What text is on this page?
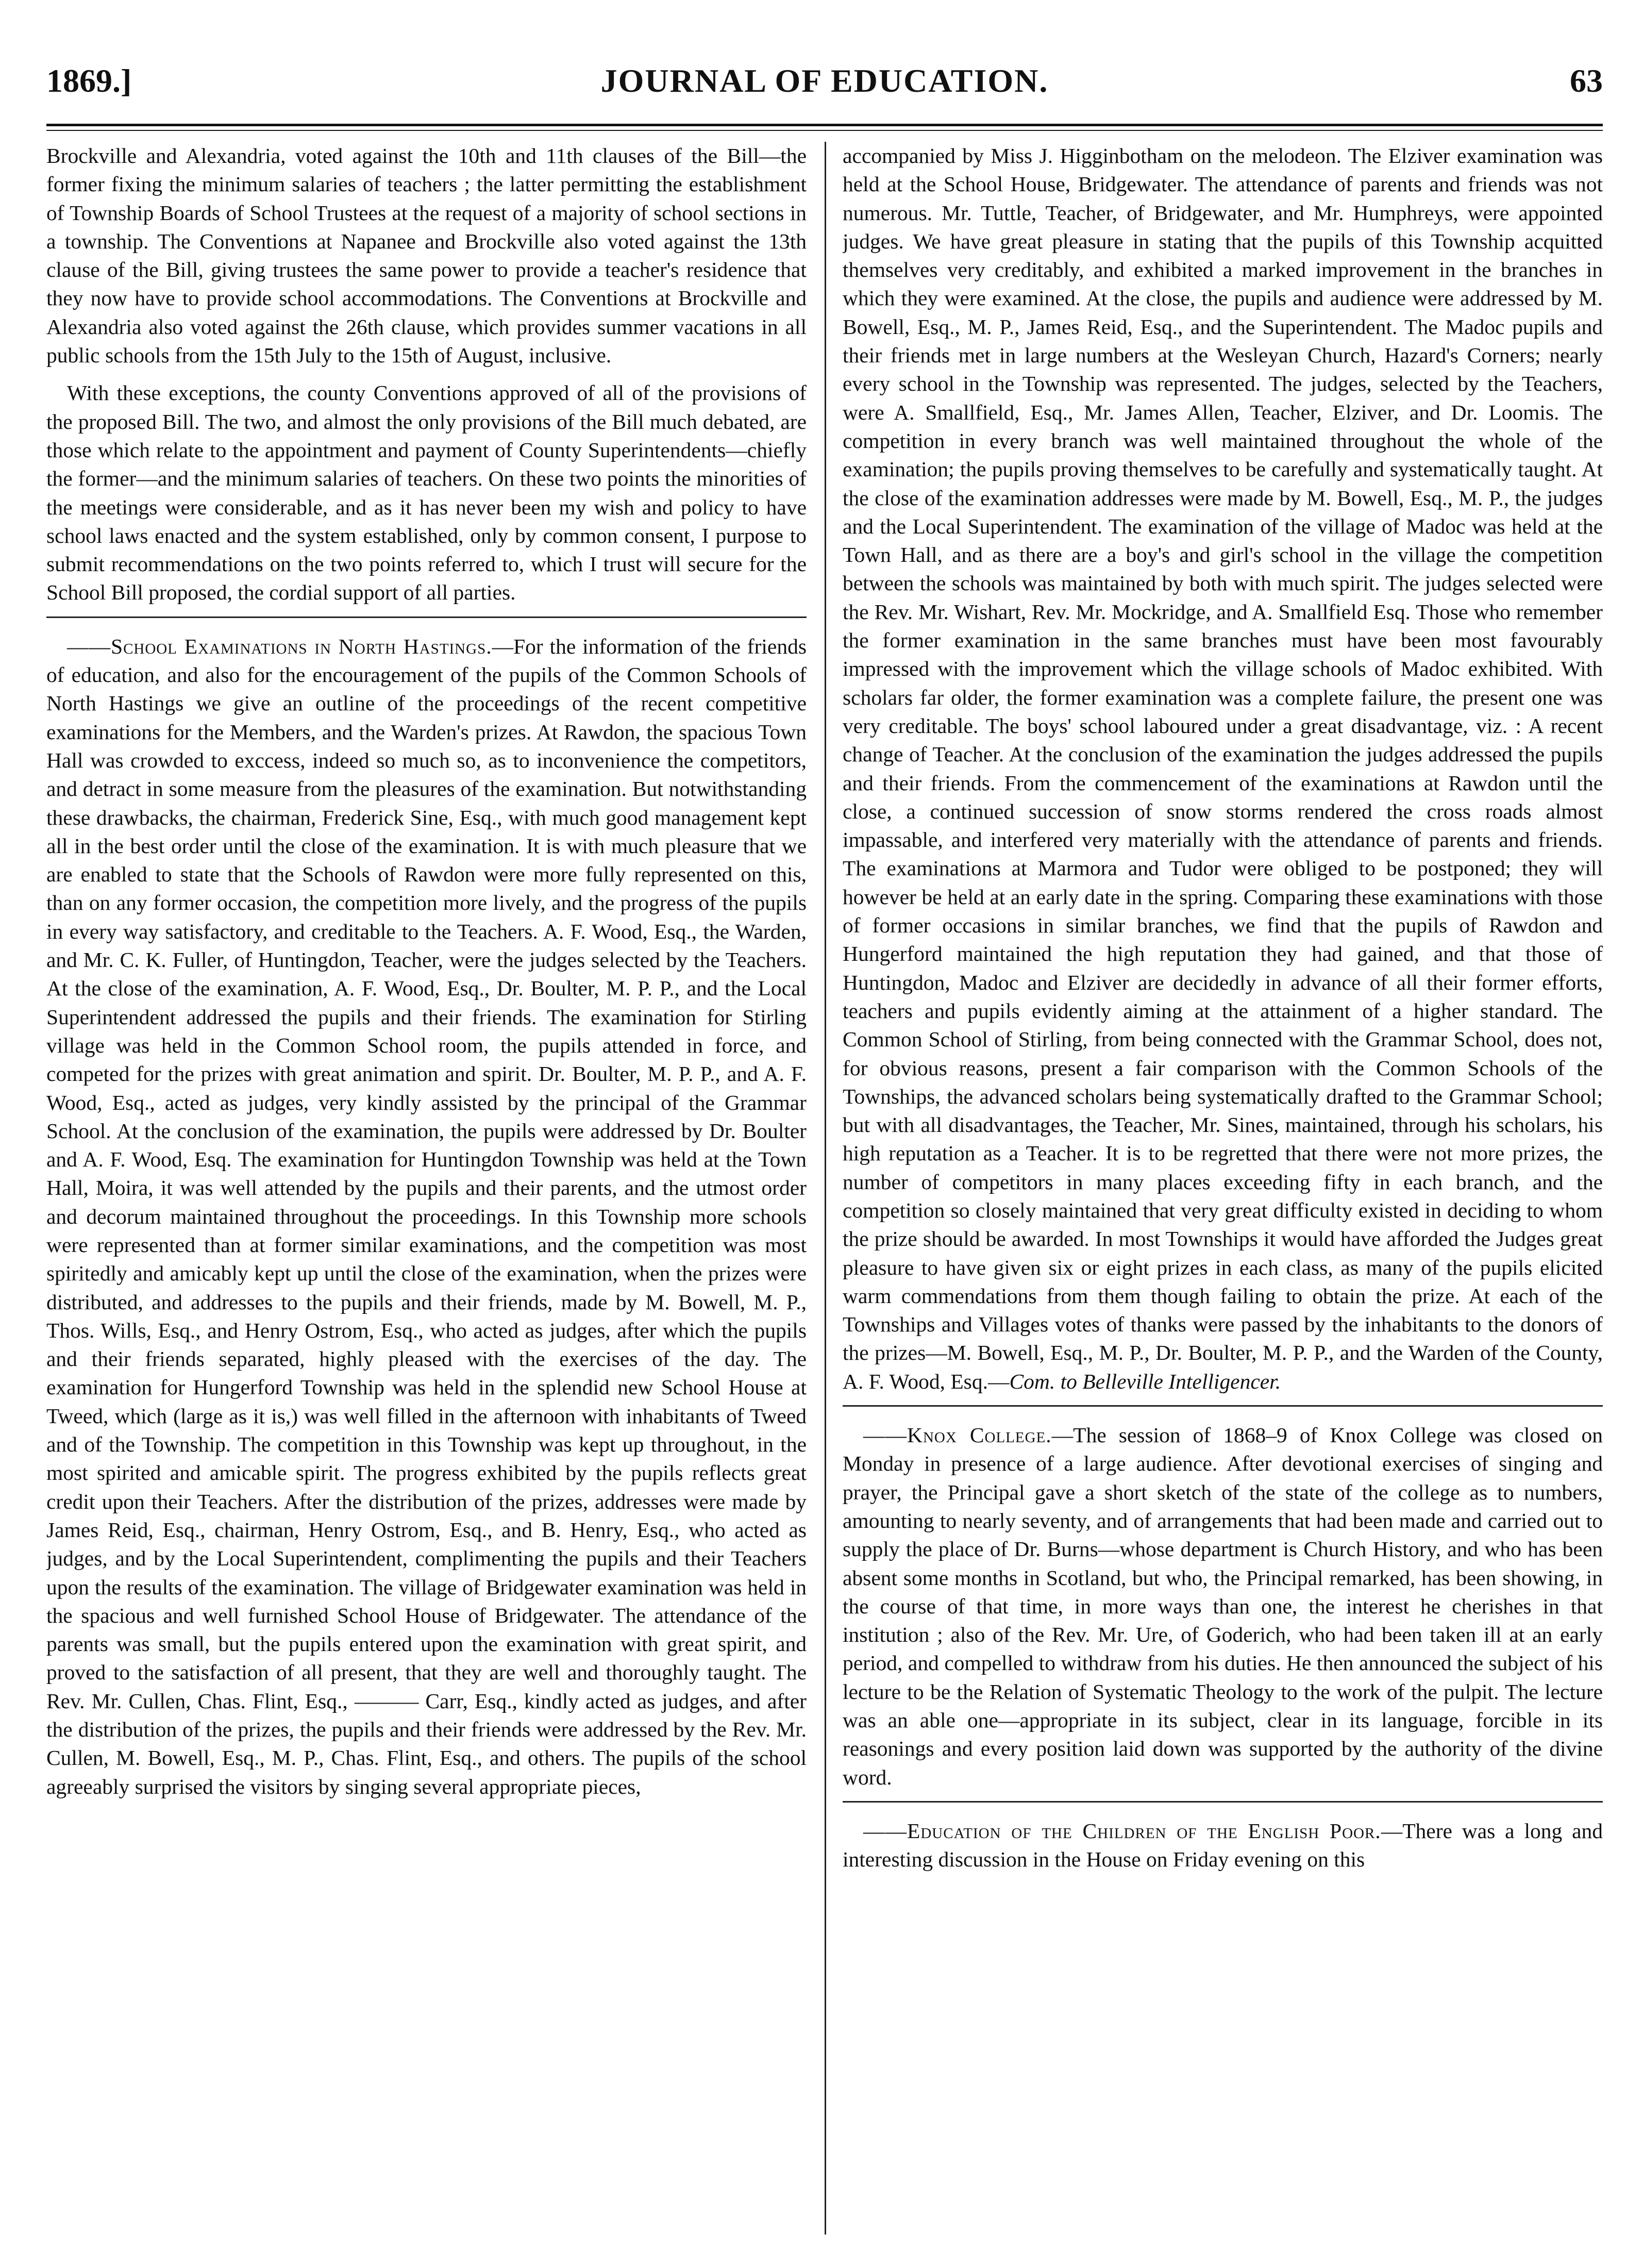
1869.]	JOURNAL OF EDUCATION.	63

Brockville and Alexandria, voted against the 10th and 11th clauses of the Bill—the former fixing the minimum salaries of teachers ; the latter permitting the establishment of Township Boards of School Trustees at the request of a majority of school sections in a township. The Conventions at Napanee and Brockville also voted against the 13th clause of the Bill, giving trustees the same power to provide a teacher's residence that they now have to provide school accommodations. The Conventions at Brockville and Alexandria also voted against the 26th clause, which provides summer vacations in all public schools from the 15th July to the 15th of August, inclusive.

With these exceptions, the county Conventions approved of all of the provisions of the proposed Bill. The two, and almost the only provisions of the Bill much debated, are those which relate to the appointment and payment of County Superintendents—chiefly the former—and the minimum salaries of teachers. On these two points the minorities of the meetings were considerable, and as it has never been my wish and policy to have school laws enacted and the system established, only by common consent, I purpose to submit recommendations on the two points referred to, which I trust will secure for the School Bill proposed, the cordial support of all parties.

——School Examinations in North Hastings.—For the information of the friends of education, and also for the encouragement of the pupils of the Common Schools of North Hastings we give an outline of the proceedings of the recent competitive examinations for the Members, and the Warden's prizes. At Rawdon, the spacious Town Hall was crowded to exccess, indeed so much so, as to inconvenience the competitors, and detract in some measure from the pleasures of the examination. But notwithstanding these drawbacks, the chairman, Frederick Sine, Esq., with much good management kept all in the best order until the close of the examination. It is with much pleasure that we are enabled to state that the Schools of Rawdon were more fully represented on this, than on any former occasion, the competition more lively, and the progress of the pupils in every way satisfactory, and creditable to the Teachers. A. F. Wood, Esq., the Warden, and Mr. C. K. Fuller, of Huntingdon, Teacher, were the judges selected by the Teachers. At the close of the examination, A. F. Wood, Esq., Dr. Boulter, M. P. P., and the Local Superintendent addressed the pupils and their friends. The examination for Stirling village was held in the Common School room, the pupils attended in force, and competed for the prizes with great animation and spirit. Dr. Boulter, M. P. P., and A. F. Wood, Esq., acted as judges, very kindly assisted by the principal of the Grammar School. At the conclusion of the examination, the pupils were addressed by Dr. Boulter and A. F. Wood, Esq. The examination for Huntingdon Township was held at the Town Hall, Moira, it was well attended by the pupils and their parents, and the utmost order and decorum maintained throughout the proceedings. In this Township more schools were represented than at former similar examinations, and the competition was most spiritedly and amicably kept up until the close of the examination, when the prizes were distributed, and addresses to the pupils and their friends, made by M. Bowell, M. P., Thos. Wills, Esq., and Henry Ostrom, Esq., who acted as judges, after which the pupils and their friends separated, highly pleased with the exercises of the day. The examination for Hungerford Township was held in the splendid new School House at Tweed, which (large as it is,) was well filled in the afternoon with inhabitants of Tweed and of the Township. The competition in this Township was kept up throughout, in the most spirited and amicable spirit. The progress exhibited by the pupils reflects great credit upon their Teachers. After the distribution of the prizes, addresses were made by James Reid, Esq., chairman, Henry Ostrom, Esq., and B. Henry, Esq., who acted as judges, and by the Local Superintendent, complimenting the pupils and their Teachers upon the results of the examination. The village of Bridgewater examination was held in the spacious and well furnished School House of Bridgewater. The attendance of the parents was small, but the pupils entered upon the examination with great spirit, and proved to the satisfaction of all present, that they are well and thoroughly taught. The Rev. Mr. Cullen, Chas. Flint, Esq., ——— Carr, Esq., kindly acted as judges, and after the distribution of the prizes, the pupils and their friends were addressed by the Rev. Mr. Cullen, M. Bowell, Esq., M. P., Chas. Flint, Esq., and others. The pupils of the school agreeably surprised the visitors by singing several appropriate pieces,

accompanied by Miss J. Higginbotham on the melodeon. The Elziver examination was held at the School House, Bridgewater. The attendance of parents and friends was not numerous. Mr. Tuttle, Teacher, of Bridgewater, and Mr. Humphreys, were appointed judges. We have great pleasure in stating that the pupils of this Township acquitted themselves very creditably, and exhibited a marked improvement in the branches in which they were examined. At the close, the pupils and audience were addressed by M. Bowell, Esq., M. P., James Reid, Esq., and the Superintendent. The Madoc pupils and their friends met in large numbers at the Wesleyan Church, Hazard's Corners; nearly every school in the Township was represented. The judges, selected by the Teachers, were A. Smallfield, Esq., Mr. James Allen, Teacher, Elziver, and Dr. Loomis. The competition in every branch was well maintained throughout the whole of the examination; the pupils proving themselves to be carefully and systematically taught. At the close of the examination addresses were made by M. Bowell, Esq., M. P., the judges and the Local Superintendent. The examination of the village of Madoc was held at the Town Hall, and as there are a boy's and girl's school in the village the competition between the schools was maintained by both with much spirit. The judges selected were the Rev. Mr. Wishart, Rev. Mr. Mockridge, and A. Smallfield Esq. Those who remember the former examination in the same branches must have been most favourably impressed with the improvement which the village schools of Madoc exhibited. With scholars far older, the former examination was a complete failure, the present one was very creditable. The boys' school laboured under a great disadvantage, viz. : A recent change of Teacher. At the conclusion of the examination the judges addressed the pupils and their friends. From the commencement of the examinations at Rawdon until the close, a continued succession of snow storms rendered the cross roads almost impassable, and interfered very materially with the attendance of parents and friends. The examinations at Marmora and Tudor were obliged to be postponed; they will however be held at an early date in the spring. Comparing these examinations with those of former occasions in similar branches, we find that the pupils of Rawdon and Hungerford maintained the high reputation they had gained, and that those of Huntingdon, Madoc and Elziver are decidedly in advance of all their former efforts, teachers and pupils evidently aiming at the attainment of a higher standard. The Common School of Stirling, from being connected with the Grammar School, does not, for obvious reasons, present a fair comparison with the Common Schools of the Townships, the advanced scholars being systematically drafted to the Grammar School; but with all disadvantages, the Teacher, Mr. Sines, maintained, through his scholars, his high reputation as a Teacher. It is to be regretted that there were not more prizes, the number of competitors in many places exceeding fifty in each branch, and the competition so closely maintained that very great difficulty existed in deciding to whom the prize should be awarded. In most Townships it would have afforded the Judges great pleasure to have given six or eight prizes in each class, as many of the pupils elicited warm commendations from them though failing to obtain the prize. At each of the Townships and Villages votes of thanks were passed by the inhabitants to the donors of the prizes—M. Bowell, Esq., M. P., Dr. Boulter, M. P. P., and the Warden of the County, A. F. Wood, Esq.—Com. to Belleville Intelligencer.

——Knox College.—The session of 1868–9 of Knox College was closed on Monday in presence of a large audience. After devotional exercises of singing and prayer, the Principal gave a short sketch of the state of the college as to numbers, amounting to nearly seventy, and of arrangements that had been made and carried out to supply the place of Dr. Burns—whose department is Church History, and who has been absent some months in Scotland, but who, the Principal remarked, has been showing, in the course of that time, in more ways than one, the interest he cherishes in that institution ; also of the Rev. Mr. Ure, of Goderich, who had been taken ill at an early period, and compelled to withdraw from his duties. He then announced the subject of his lecture to be the Relation of Systematic Theology to the work of the pulpit. The lecture was an able one—appropriate in its subject, clear in its language, forcible in its reasonings and every position laid down was supported by the authority of the divine word.

——Education of the Children of the English Poor.—There was a long and interesting discussion in the House on Friday evening on this
